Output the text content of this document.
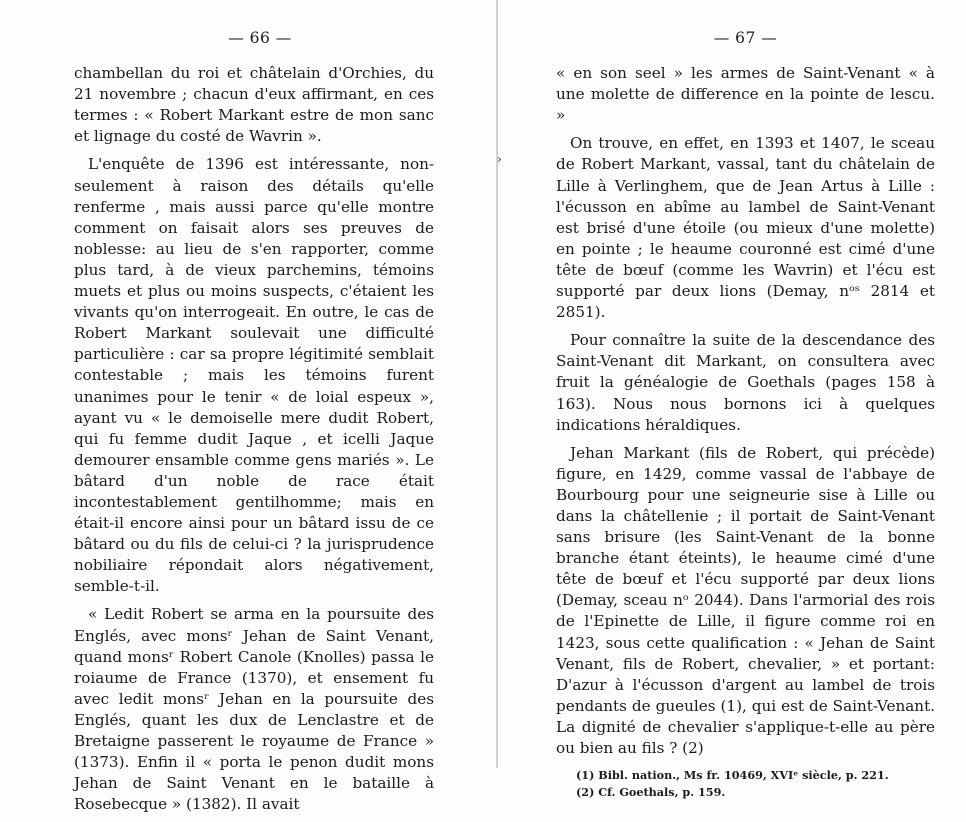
›
— 66 —

chambellan du roi et châtelain d'Orchies, du 21 novembre ; chacun d'eux affirmant, en ces termes : « Robert Markant estre de mon sanc et lignage du costé de Wavrin ».

L'enquête de 1396 est intéressante, non-seulement à raison des détails qu'elle renferme , mais aussi parce qu'elle montre comment on faisait alors ses preuves de noblesse: au lieu de s'en rapporter, comme plus tard, à de vieux parchemins, témoins muets et plus ou moins suspects, c'étaient les vivants qu'on interrogeait. En outre, le cas de Robert Markant soulevait une difficulté particulière : car sa propre légitimité semblait contestable ; mais les témoins furent unanimes pour le tenir « de loial espeux », ayant vu « le demoiselle mere dudit Robert, qui fu femme dudit Jaque , et icelli Jaque demourer ensamble comme gens mariés ». Le bâtard d'un noble de race était incontestablement gentilhomme; mais en était-il encore ainsi pour un bâtard issu de ce bâtard ou du fils de celui-ci ? la jurisprudence nobiliaire répondait alors négativement, semble-t-il.

« Ledit Robert se arma en la poursuite des Englés, avec monsʳ Jehan de Saint Venant, quand monsʳ Robert Canole (Knolles) passa le roiaume de France (1370), et ensement fu avec ledit monsʳ Jehan en la poursuite des Englés, quant les dux de Lenclastre et de Bretaigne passerent le royaume de France » (1373). Enfin il « porta le penon dudit mons Jehan de Saint Venant en le bataille à Rosebecque » (1382). Il avait

— 67 —

« en son seel » les armes de Saint-Venant « à une molette de difference en la pointe de lescu. »

On trouve, en effet, en 1393 et 1407, le sceau de Robert Markant, vassal, tant du châtelain de Lille à Verlinghem, que de Jean Artus à Lille : l'écusson en abîme au lambel de Saint-Venant est brisé d'une étoile (ou mieux d'une molette) en pointe ; le heaume couronné est cimé d'une tête de bœuf (comme les Wavrin) et l'écu est supporté par deux lions (Demay, nᵒˢ 2814 et 2851).

Pour connaître la suite de la descendance des Saint-Venant dit Markant, on consultera avec fruit la généalogie de Goethals (pages 158 à 163). Nous nous bornons ici à quelques indications héraldiques.

Jehan Markant (fils de Robert, qui précède) figure, en 1429, comme vassal de l'abbaye de Bourbourg pour une seigneurie sise à Lille ou dans la châtellenie ; il portait de Saint-Venant sans brisure (les Saint-Venant de la bonne branche étant éteints), le heaume cimé d'une tête de bœuf et l'écu supporté par deux lions (Demay, sceau nᵒ 2044). Dans l'armorial des rois de l'Epinette de Lille, il figure comme roi en 1423, sous cette qualification : « Jehan de Saint Venant, fils de Robert, chevalier, » et portant: D'azur à l'écusson d'argent au lambel de trois pendants de gueules (1), qui est de Saint-Venant. La dignité de chevalier s'applique-t-elle au père ou bien au fils ? (2)

(1) Bibl. nation., Ms fr. 10469, XVIᵉ siècle, p. 221.
(2) Cf. Goethals, p. 159.
